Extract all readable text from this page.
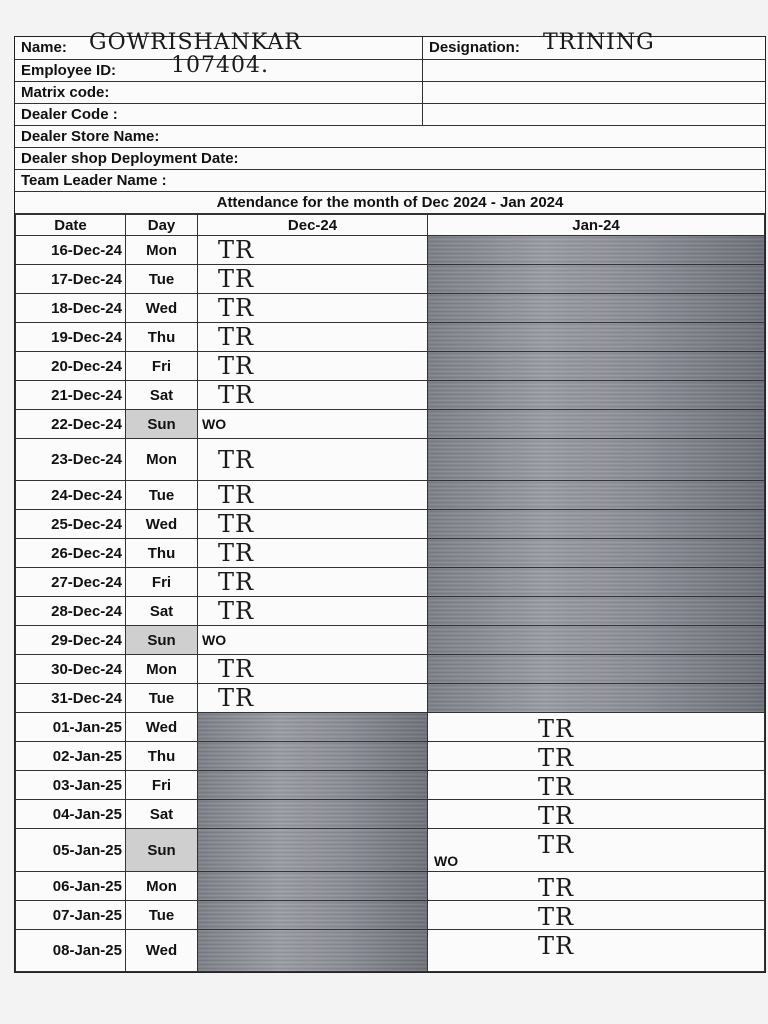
Name: GOWRISHANKAR	Designation: TRINING
Employee ID: 107404.
Matrix code:
Dealer Code :
Dealer Store Name:
Dealer shop Deployment Date:
Team Leader Name :
Attendance for the month of Dec 2024 - Jan 2024
Date	Day	Dec-24	Jan-24
16-Dec-24	Mon	TR	
17-Dec-24	Tue	TR	
18-Dec-24	Wed	TR	
19-Dec-24	Thu	TR	
20-Dec-24	Fri	TR	
21-Dec-24	Sat	TR	
22-Dec-24	Sun	WO	
23-Dec-24	Mon	TR	
24-Dec-24	Tue	TR	
25-Dec-24	Wed	TR	
26-Dec-24	Thu	TR	
27-Dec-24	Fri	TR	
28-Dec-24	Sat	TR	
29-Dec-24	Sun	WO	
30-Dec-24	Mon	TR	
31-Dec-24	Tue	TR	
01-Jan-25	Wed		TR

02-Jan-25	Thu		TR

03-Jan-25	Fri		TR

04-Jan-25	Sat		TR

05-Jan-25	Sun		TR
WO

06-Jan-25	Mon		TR

07-Jan-25	Tue		TR

08-Jan-25	Wed		TR
